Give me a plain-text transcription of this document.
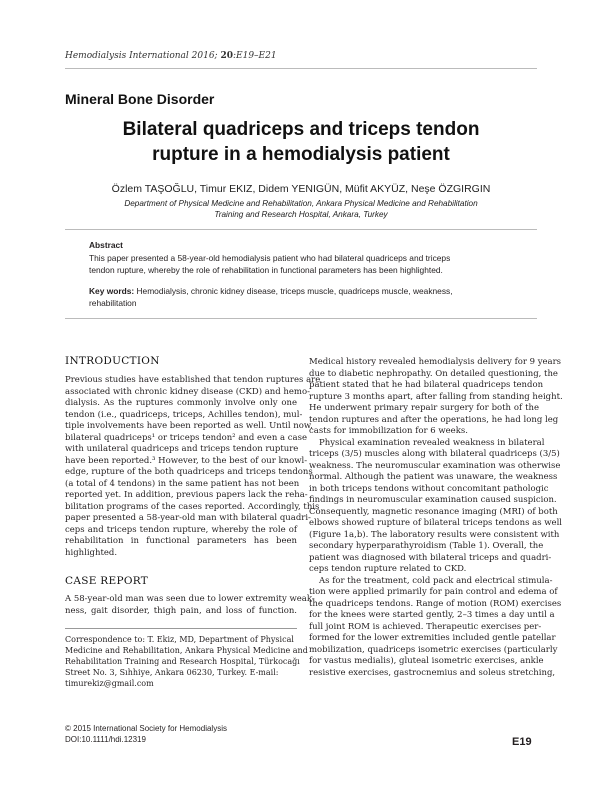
Hemodialysis International 2016; 20:E19–E21
Mineral Bone Disorder
Bilateral quadriceps and triceps tendon
rupture in a hemodialysis patient
Özlem TAŞOĞLU, Timur EKIZ, Didem YENIGÜN, Müfit AKYÜZ, Neşe ÖZGIRGIN
Department of Physical Medicine and Rehabilitation, Ankara Physical Medicine and Rehabilitation
Training and Research Hospital, Ankara, Turkey
Abstract
This paper presented a 58-year-old hemodialysis patient who had bilateral quadriceps and triceps
tendon rupture, whereby the role of rehabilitation in functional parameters has been highlighted.
Key words: Hemodialysis, chronic kidney disease, triceps muscle, quadriceps muscle, weakness,
rehabilitation
INTRODUCTION
Previous studies have established that tendon ruptures are
associated with chronic kidney disease (CKD) and hemo-
dialysis. As the ruptures commonly involve only one
tendon (i.e., quadriceps, triceps, Achilles tendon), mul-
tiple involvements have been reported as well. Until now,
bilateral quadriceps¹ or triceps tendon² and even a case
with unilateral quadriceps and triceps tendon rupture
have been reported.³ However, to the best of our knowl-
edge, rupture of the both quadriceps and triceps tendons
(a total of 4 tendons) in the same patient has not been
reported yet. In addition, previous papers lack the reha-
bilitation programs of the cases reported. Accordingly, this
paper presented a 58-year-old man with bilateral quadri-
ceps and triceps tendon rupture, whereby the role of
rehabilitation in functional parameters has been
highlighted.
CASE REPORT
A 58-year-old man was seen due to lower extremity weak-
ness, gait disorder, thigh pain, and loss of function.
Correspondence to: T. Ekiz, MD, Department of Physical
Medicine and Rehabilitation, Ankara Physical Medicine and
Rehabilitation Training and Research Hospital, Türkocağı
Street No. 3, Sıhhiye, Ankara 06230, Turkey. E-mail:
timurekiz@gmail.com
© 2015 International Society for Hemodialysis
DOI:10.1111/hdi.12319	E19
Medical history revealed hemodialysis delivery for 9 years
due to diabetic nephropathy. On detailed questioning, the
patient stated that he had bilateral quadriceps tendon
rupture 3 months apart, after falling from standing height.
He underwent primary repair surgery for both of the
tendon ruptures and after the operations, he had long leg
casts for immobilization for 6 weeks.
Physical examination revealed weakness in bilateral
triceps (3/5) muscles along with bilateral quadriceps (3/5)
weakness. The neuromuscular examination was otherwise
normal. Although the patient was unaware, the weakness
in both triceps tendons without concomitant pathologic
findings in neuromuscular examination caused suspicion.
Consequently, magnetic resonance imaging (MRI) of both
elbows showed rupture of bilateral triceps tendons as well
(Figure 1a,b). The laboratory results were consistent with
secondary hyperparathyroidism (Table 1). Overall, the
patient was diagnosed with bilateral triceps and quadri-
ceps tendon rupture related to CKD.
As for the treatment, cold pack and electrical stimula-
tion were applied primarily for pain control and edema of
the quadriceps tendons. Range of motion (ROM) exercises
for the knees were started gently, 2–3 times a day until a
full joint ROM is achieved. Therapeutic exercises per-
formed for the lower extremities included gentle patellar
mobilization, quadriceps isometric exercises (particularly
for vastus medialis), gluteal isometric exercises, ankle
resistive exercises, gastrocnemius and soleus stretching,
